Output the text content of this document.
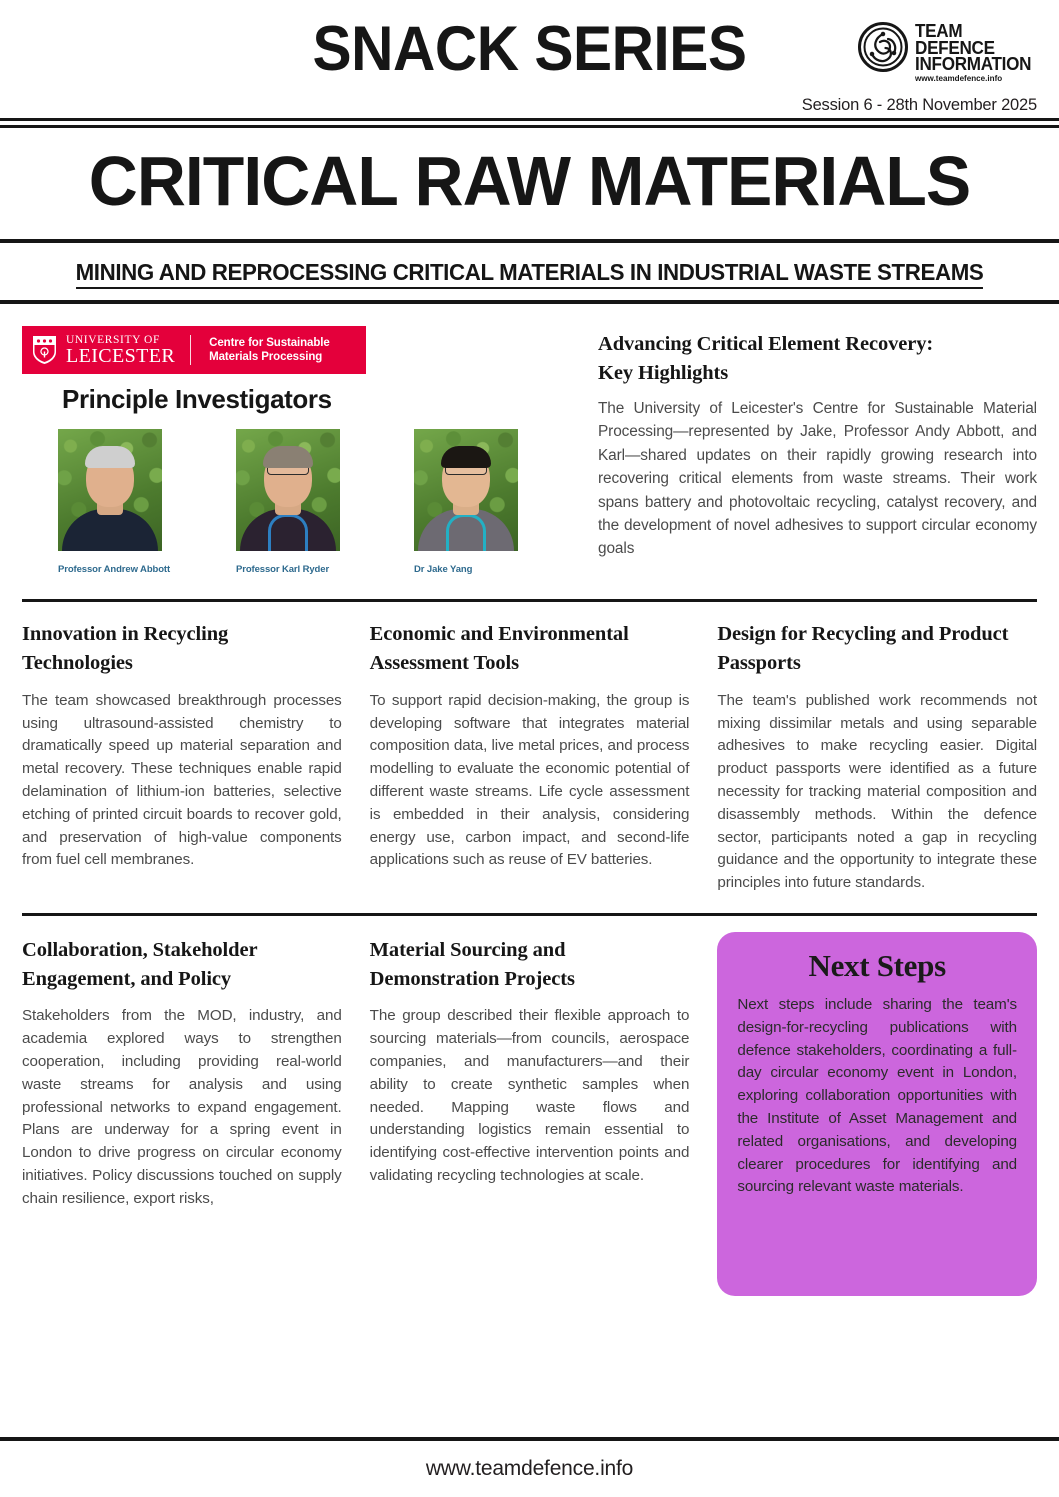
SNACK SERIES	TEAM
DEFENCE
INFORMATION
www.teamdefence.info
Session 6 - 28th November 2025
CRITICAL RAW MATERIALS
MINING AND REPROCESSING CRITICAL MATERIALS IN INDUSTRIAL WASTE STREAMS
UNIVERSITY OF
LEICESTER
Centre for Sustainable
Materials Processing
Principle Investigators
Professor Andrew Abbott	Professor Karl Ryder	Dr Jake Yang
Advancing Critical Element Recovery:
Key Highlights
The University of Leicester's Centre for Sustainable Material Processing—represented by Jake, Professor Andy Abbott, and Karl—shared updates on their rapidly growing research into recovering critical elements from waste streams. Their work spans battery and photovoltaic recycling, catalyst recovery, and the development of novel adhesives to support circular economy goals
Innovation in Recycling Technologies
The team showcased breakthrough processes using ultrasound-assisted chemistry to dramatically speed up material separation and metal recovery. These techniques enable rapid delamination of lithium-ion batteries, selective etching of printed circuit boards to recover gold, and preservation of high-value components from fuel cell membranes.
Economic and Environmental Assessment Tools
To support rapid decision-making, the group is developing software that integrates material composition data, live metal prices, and process modelling to evaluate the economic potential of different waste streams. Life cycle assessment is embedded in their analysis, considering energy use, carbon impact, and second-life applications such as reuse of EV batteries.
Design for Recycling and Product Passports
The team's published work recommends not mixing dissimilar metals and using separable adhesives to make recycling easier. Digital product passports were identified as a future necessity for tracking material composition and disassembly methods. Within the defence sector, participants noted a gap in recycling guidance and the opportunity to integrate these principles into future standards.
Collaboration, Stakeholder Engagement, and Policy
Stakeholders from the MOD, industry, and academia explored ways to strengthen cooperation, including providing real-world waste streams for analysis and using professional networks to expand engagement. Plans are underway for a spring event in London to drive progress on circular economy initiatives. Policy discussions touched on supply chain resilience, export risks,
Material Sourcing and Demonstration Projects
The group described their flexible approach to sourcing materials—from councils, aerospace companies, and manufacturers—and their ability to create synthetic samples when needed. Mapping waste flows and understanding logistics remain essential to identifying cost-effective intervention points and validating recycling technologies at scale.
Next Steps
Next steps include sharing the team's design-for-recycling publications with defence stakeholders, coordinating a full-day circular economy event in London, exploring collaboration opportunities with the Institute of Asset Management and related organisations, and developing clearer procedures for identifying and sourcing relevant waste materials.
www.teamdefence.info
